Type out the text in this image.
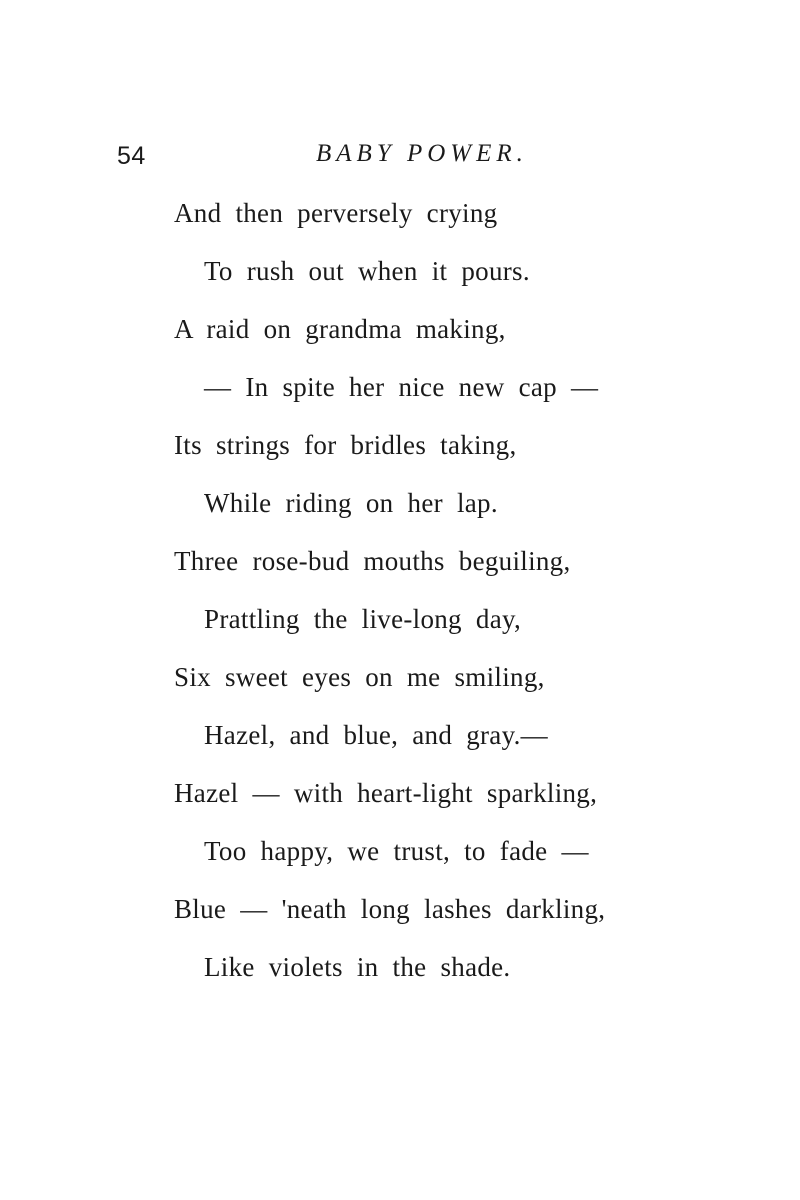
54	BABY POWER.
And then perversely crying
To rush out when it pours.
A raid on grandma making,
— In spite her nice new cap —
Its strings for bridles taking,
While riding on her lap.
Three rose-bud mouths beguiling,
Prattling the live-long day,
Six sweet eyes on me smiling,
Hazel, and blue, and gray.—
Hazel — with heart-light sparkling,
Too happy, we trust, to fade —
Blue — 'neath long lashes darkling,
Like violets in the shade.
